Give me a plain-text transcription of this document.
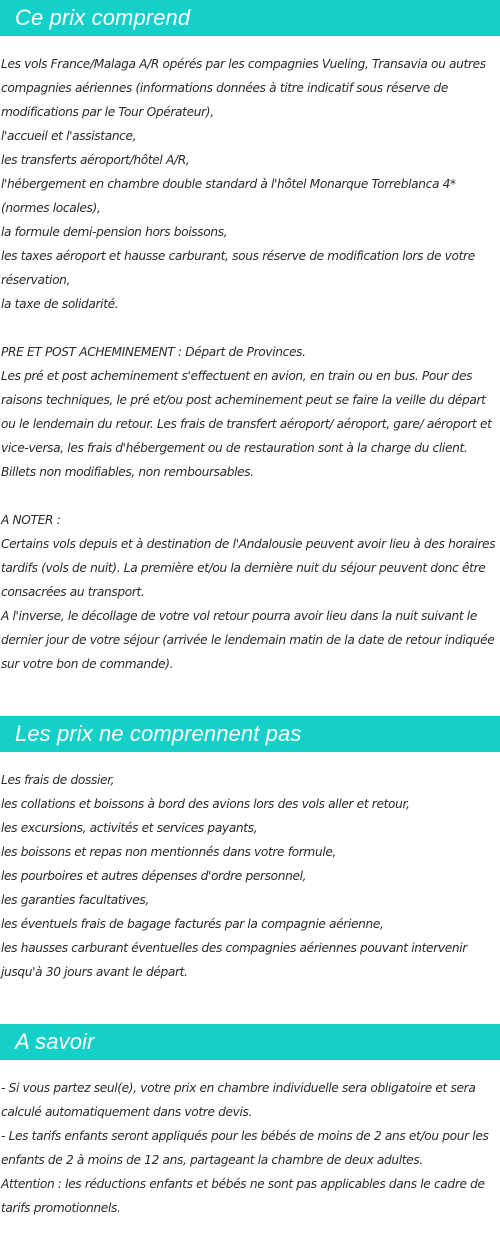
Ce prix comprend
Les vols France/Malaga A/R opérés par les compagnies Vueling, Transavia ou autres compagnies aériennes (informations données à titre indicatif sous réserve de modifications par le Tour Opérateur),
l'accueil et l'assistance,
les transferts aéroport/hôtel A/R,
l'hébergement en chambre double standard à l'hôtel Monarque Torreblanca 4* (normes locales),
la formule demi-pension hors boissons,
les taxes aéroport et hausse carburant, sous réserve de modification lors de votre réservation,
la taxe de solidarité.
PRE ET POST ACHEMINEMENT : Départ de Provinces.
Les pré et post acheminement s'effectuent en avion, en train ou en bus. Pour des raisons techniques, le pré et/ou post acheminement peut se faire la veille du départ ou le lendemain du retour. Les frais de transfert aéroport/ aéroport, gare/ aéroport et vice-versa, les frais d'hébergement ou de restauration sont à la charge du client. Billets non modifiables, non remboursables.
A NOTER :
Certains vols depuis et à destination de l'Andalousie peuvent avoir lieu à des horaires tardifs (vols de nuit). La première et/ou la dernière nuit du séjour peuvent donc être consacrées au transport.
A l'inverse, le décollage de votre vol retour pourra avoir lieu dans la nuit suivant le dernier jour de votre séjour (arrivée le lendemain matin de la date de retour indiquée sur votre bon de commande).
Les prix ne comprennent pas
Les frais de dossier,
les collations et boissons à bord des avions lors des vols aller et retour,
les excursions, activités et services payants,
les boissons et repas non mentionnés dans votre formule,
les pourboires et autres dépenses d'ordre personnel,
les garanties facultatives,
les éventuels frais de bagage facturés par la compagnie aérienne,
les hausses carburant éventuelles des compagnies aériennes pouvant intervenir jusqu'à 30 jours avant le départ.
A savoir
- Si vous partez seul(e), votre prix en chambre individuelle sera obligatoire et sera calculé automatiquement dans votre devis.
- Les tarifs enfants seront appliqués pour les bébés de moins de 2 ans et/ou pour les enfants de 2 à moins de 12 ans, partageant la chambre de deux adultes.
Attention : les réductions enfants et bébés ne sont pas applicables dans le cadre de tarifs promotionnels.
